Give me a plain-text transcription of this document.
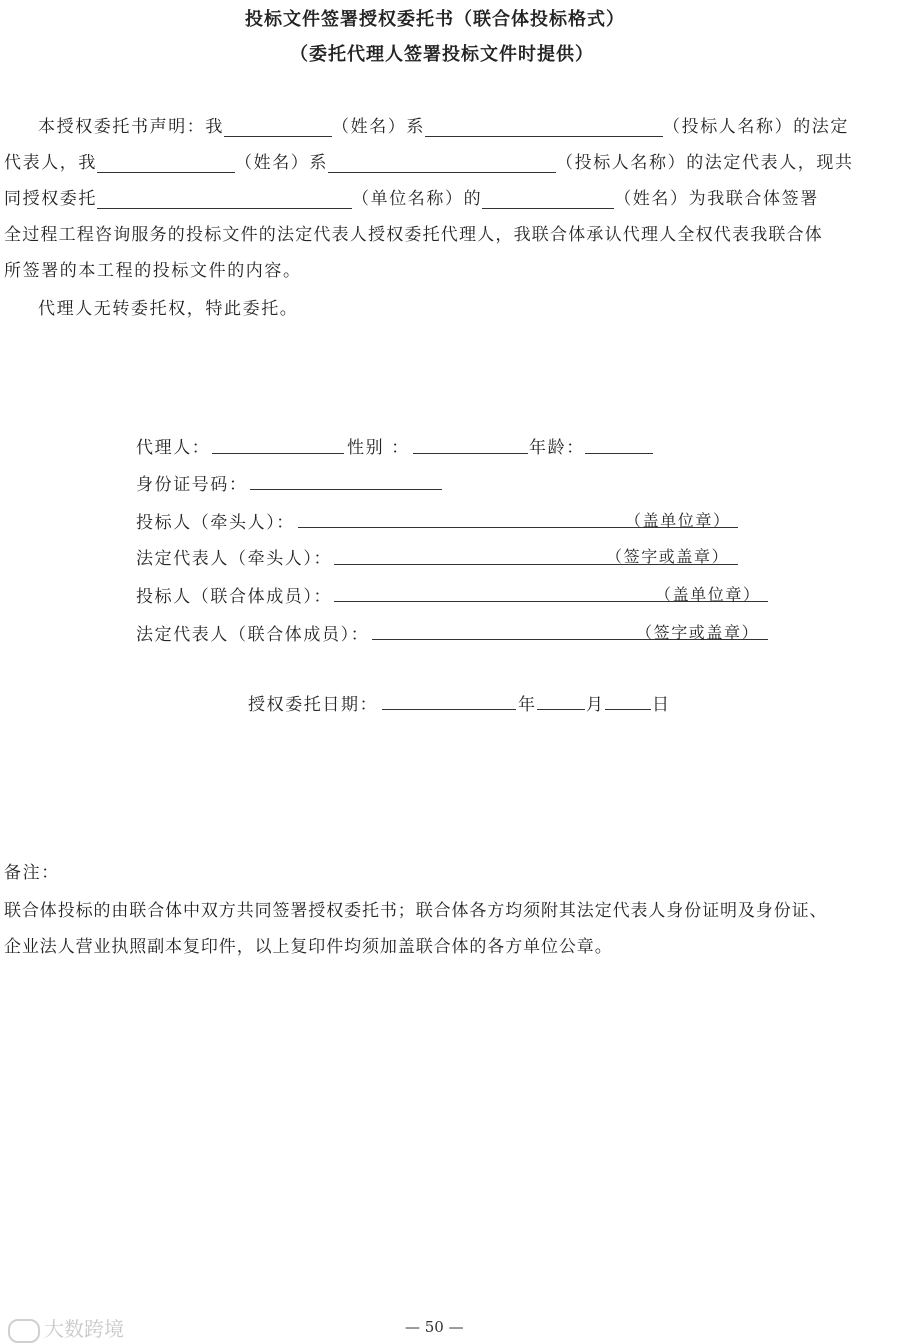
投标文件签署授权委托书（联合体投标格式）
（委托代理人签署投标文件时提供）
本授权委托书声明：我	（姓名）系	（投标人名称）的法定
代表人，我	（姓名）系	（投标人名称）的法定代表人，现共
同授权委托	（单位名称）的	（姓名）为我联合体签署
全过程工程咨询服务的投标文件的法定代表人授权委托代理人，我联合体承认代理人全权代表我联合体
所签署的本工程的投标文件的内容。
代理人无转委托权，特此委托。
代理人：	性别 ：	年龄：
身份证号码：
投标人（牵头人）：	（盖单位章）
法定代表人（牵头人）：	（签字或盖章）
投标人（联合体成员）：	（盖单位章）
法定代表人（联合体成员）：	（签字或盖章）
授权委托日期：	年	月	日
备注：
联合体投标的由联合体中双方共同签署授权委托书；联合体各方均须附其法定代表人身份证明及身份证、
企业法人营业执照副本复印件，以上复印件均须加盖联合体的各方单位公章。
— 50 —
大数跨境
